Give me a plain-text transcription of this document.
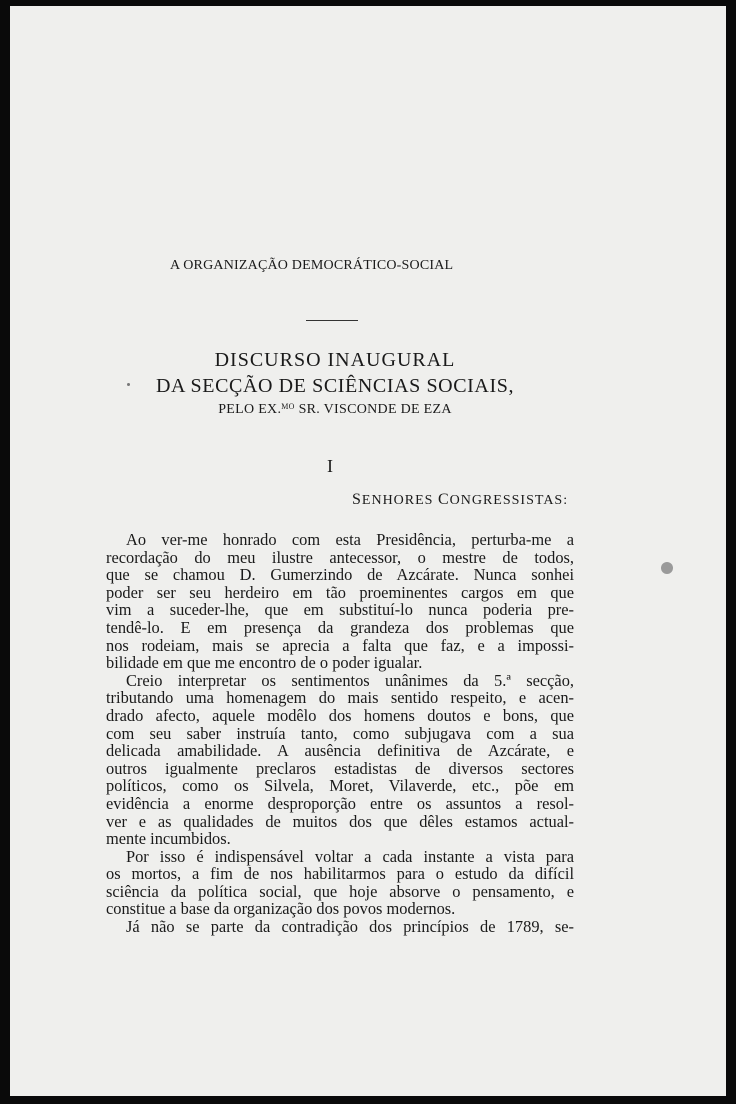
A ORGANIZAÇÃO DEMOCRÁTICO-SOCIAL
DISCURSO INAUGURAL
DA SECÇÃO DE SCIÊNCIAS SOCIAIS,
PELO EX.$^{MO}$ SR. VISCONDE DE EZA
I
SENHORES CONGRESSISTAS:
Ao ver-me honrado com esta Presidência, perturba-me a
recordação do meu ilustre antecessor, o mestre de todos,
que se chamou D. Gumerzindo de Azcárate. Nunca sonhei
poder ser seu herdeiro em tão proeminentes cargos em que
vim a suceder-lhe, que em substituí-lo nunca poderia pre-
tendê-lo. E em presença da grandeza dos problemas que
nos rodeiam, mais se aprecia a falta que faz, e a impossi-
bilidade em que me encontro de o poder igualar.
Creio interpretar os sentimentos unânimes da 5.ª secção,
tributando uma homenagem do mais sentido respeito, e acen-
drado afecto, aquele modêlo dos homens doutos e bons, que
com seu saber instruía tanto, como subjugava com a sua
delicada amabilidade. A ausência definitiva de Azcárate, e
outros igualmente preclaros estadistas de diversos sectores
políticos, como os Silvela, Moret, Vilaverde, etc., põe em
evidência a enorme desproporção entre os assuntos a resol-
ver e as qualidades de muitos dos que dêles estamos actual-
mente incumbidos.
Por isso é indispensável voltar a cada instante a vista para
os mortos, a fim de nos habilitarmos para o estudo da difícil
sciência da política social, que hoje absorve o pensamento, e
constitue a base da organização dos povos modernos.
Já não se parte da contradição dos princípios de 1789, se-
